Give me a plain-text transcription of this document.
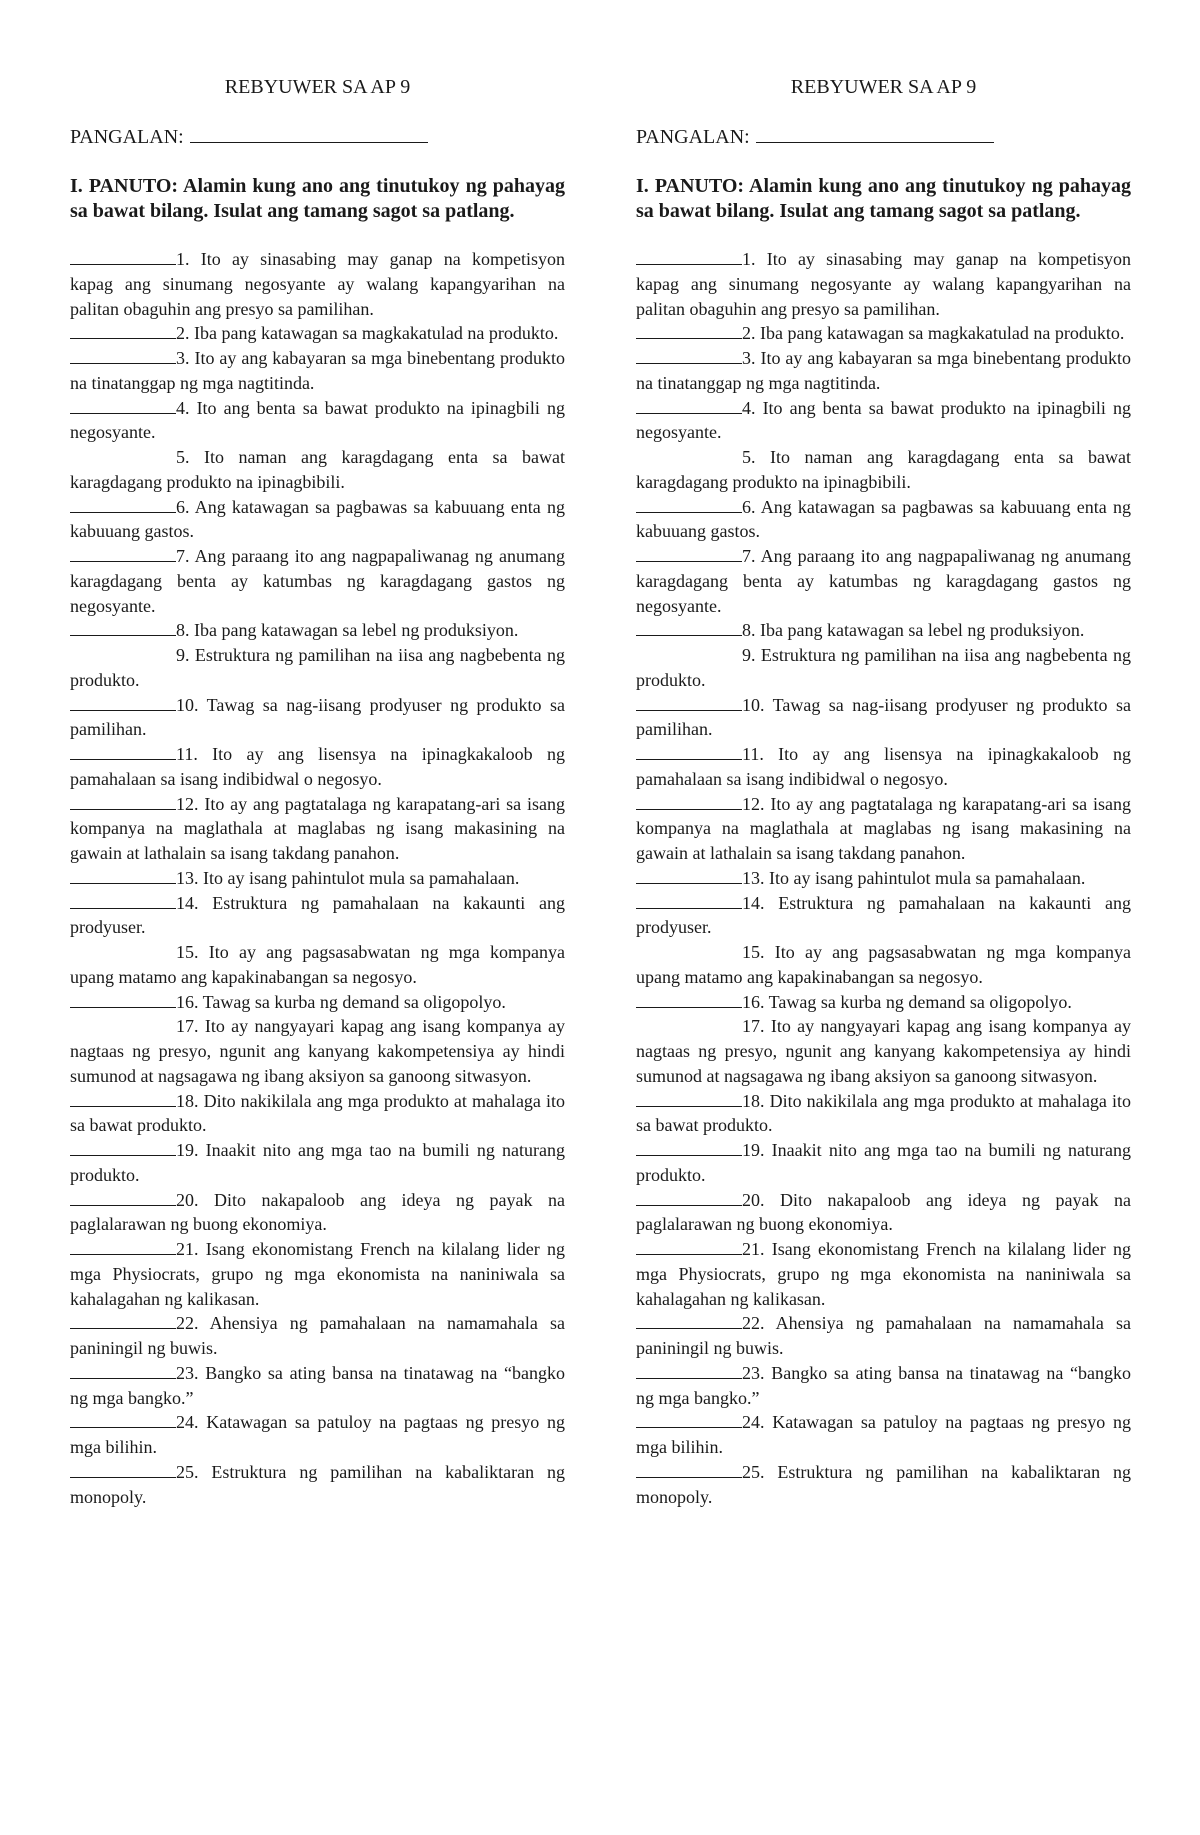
REBYUWER SA AP 9

PANGALAN:
I. PANUTO: Alamin kung ano ang tinutukoy ng pahayag sa bawat bilang. Isulat ang tamang sagot sa patlang.

1. Ito ay sinasabing may ganap na kompetisyon kapag ang sinumang negosyante ay walang kapangyarihan na palitan obaguhin ang presyo sa pamilihan.

2. Iba pang katawagan sa magkakatulad na produkto.

3. Ito ay ang kabayaran sa mga binebentang produkto na tinatanggap ng mga nagtitinda.

4. Ito ang benta sa bawat produkto na ipinagbili ng negosyante.

5. Ito naman ang karagdagang enta sa bawat karagdagang produkto na ipinagbibili.

6. Ang katawagan sa pagbawas sa kabuuang enta ng kabuuang gastos.

7. Ang paraang ito ang nagpapaliwanag ng anumang karagdagang benta ay katumbas ng karagdagang gastos ng negosyante.

8. Iba pang katawagan sa lebel ng produksiyon.

9. Estruktura ng pamilihan na iisa ang nagbebenta ng produkto.

10. Tawag sa nag-iisang prodyuser ng produkto sa pamilihan.

11. Ito ay ang lisensya na ipinagkakaloob ng pamahalaan sa isang indibidwal o negosyo.

12. Ito ay ang pagtatalaga ng karapatang-ari sa isang kompanya na maglathala at maglabas ng isang makasining na gawain at lathalain sa isang takdang panahon.

13. Ito ay isang pahintulot mula sa pamahalaan.

14. Estruktura ng pamahalaan na kakaunti ang prodyuser.

15. Ito ay ang pagsasabwatan ng mga kompanya upang matamo ang kapakinabangan sa negosyo.

16. Tawag sa kurba ng demand sa oligopolyo.

17. Ito ay nangyayari kapag ang isang kompanya ay nagtaas ng presyo, ngunit ang kanyang kakompetensiya ay hindi sumunod at nagsagawa ng ibang aksiyon sa ganoong sitwasyon.

18. Dito nakikilala ang mga produkto at mahalaga ito sa bawat produkto.

19. Inaakit nito ang mga tao na bumili ng naturang produkto.

20. Dito nakapaloob ang ideya ng payak na paglalarawan ng buong ekonomiya.

21. Isang ekonomistang French na kilalang lider ng mga Physiocrats, grupo ng mga ekonomista na naniniwala sa kahalagahan ng kalikasan.

22. Ahensiya ng pamahalaan na namamahala sa paniningil ng buwis.

23. Bangko sa ating bansa na tinatawag na “bangko ng mga bangko.”

24. Katawagan sa patuloy na pagtaas ng presyo ng mga bilihin.

25. Estruktura ng pamilihan na kabaliktaran ng monopoly.

REBYUWER SA AP 9

PANGALAN:
I. PANUTO: Alamin kung ano ang tinutukoy ng pahayag sa bawat bilang. Isulat ang tamang sagot sa patlang.

1. Ito ay sinasabing may ganap na kompetisyon kapag ang sinumang negosyante ay walang kapangyarihan na palitan obaguhin ang presyo sa pamilihan.

2. Iba pang katawagan sa magkakatulad na produkto.

3. Ito ay ang kabayaran sa mga binebentang produkto na tinatanggap ng mga nagtitinda.

4. Ito ang benta sa bawat produkto na ipinagbili ng negosyante.

5. Ito naman ang karagdagang enta sa bawat karagdagang produkto na ipinagbibili.

6. Ang katawagan sa pagbawas sa kabuuang enta ng kabuuang gastos.

7. Ang paraang ito ang nagpapaliwanag ng anumang karagdagang benta ay katumbas ng karagdagang gastos ng negosyante.

8. Iba pang katawagan sa lebel ng produksiyon.

9. Estruktura ng pamilihan na iisa ang nagbebenta ng produkto.

10. Tawag sa nag-iisang prodyuser ng produkto sa pamilihan.

11. Ito ay ang lisensya na ipinagkakaloob ng pamahalaan sa isang indibidwal o negosyo.

12. Ito ay ang pagtatalaga ng karapatang-ari sa isang kompanya na maglathala at maglabas ng isang makasining na gawain at lathalain sa isang takdang panahon.

13. Ito ay isang pahintulot mula sa pamahalaan.

14. Estruktura ng pamahalaan na kakaunti ang prodyuser.

15. Ito ay ang pagsasabwatan ng mga kompanya upang matamo ang kapakinabangan sa negosyo.

16. Tawag sa kurba ng demand sa oligopolyo.

17. Ito ay nangyayari kapag ang isang kompanya ay nagtaas ng presyo, ngunit ang kanyang kakompetensiya ay hindi sumunod at nagsagawa ng ibang aksiyon sa ganoong sitwasyon.

18. Dito nakikilala ang mga produkto at mahalaga ito sa bawat produkto.

19. Inaakit nito ang mga tao na bumili ng naturang produkto.

20. Dito nakapaloob ang ideya ng payak na paglalarawan ng buong ekonomiya.

21. Isang ekonomistang French na kilalang lider ng mga Physiocrats, grupo ng mga ekonomista na naniniwala sa kahalagahan ng kalikasan.

22. Ahensiya ng pamahalaan na namamahala sa paniningil ng buwis.

23. Bangko sa ating bansa na tinatawag na “bangko ng mga bangko.”

24. Katawagan sa patuloy na pagtaas ng presyo ng mga bilihin.

25. Estruktura ng pamilihan na kabaliktaran ng monopoly.
